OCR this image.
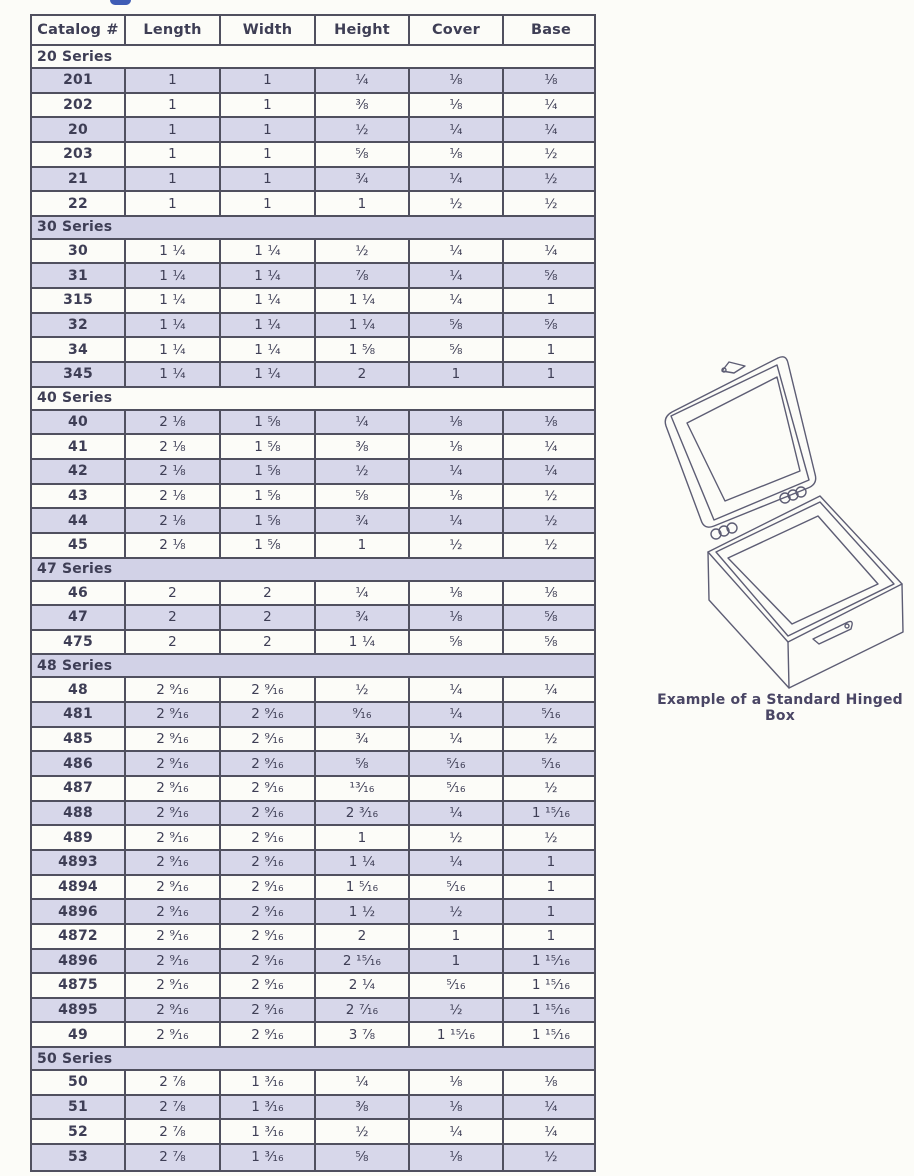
Catalog #	Length	Width	Height	Cover	Base
20 Series
201	1	1	¼	⅛	⅛
202	1	1	⅜	⅛	¼
20	1	1	½	¼	¼
203	1	1	⅝	⅛	½
21	1	1	¾	¼	½
22	1	1	1	½	½
30 Series
30	1 ¼	1 ¼	½	¼	¼
31	1 ¼	1 ¼	⅞	¼	⅝
315	1 ¼	1 ¼	1 ¼	¼	1
32	1 ¼	1 ¼	1 ¼	⅝	⅝
34	1 ¼	1 ¼	1 ⅝	⅝	1
345	1 ¼	1 ¼	2	1	1
40 Series
40	2 ⅛	1 ⅝	¼	⅛	⅛
41	2 ⅛	1 ⅝	⅜	⅛	¼
42	2 ⅛	1 ⅝	½	¼	¼
43	2 ⅛	1 ⅝	⅝	⅛	½
44	2 ⅛	1 ⅝	¾	¼	½
45	2 ⅛	1 ⅝	1	½	½
47 Series
46	2	2	¼	⅛	⅛
47	2	2	¾	⅛	⅝
475	2	2	1 ¼	⅝	⅝
48 Series
48	2 ⁹⁄₁₆	2 ⁹⁄₁₆	½	¼	¼
481	2 ⁹⁄₁₆	2 ⁹⁄₁₆	⁹⁄₁₆	¼	⁵⁄₁₆
485	2 ⁹⁄₁₆	2 ⁹⁄₁₆	¾	¼	½
486	2 ⁹⁄₁₆	2 ⁹⁄₁₆	⅝	⁵⁄₁₆	⁵⁄₁₆
487	2 ⁹⁄₁₆	2 ⁹⁄₁₆	¹³⁄₁₆	⁵⁄₁₆	½
488	2 ⁹⁄₁₆	2 ⁹⁄₁₆	2 ³⁄₁₆	¼	1 ¹⁵⁄₁₆
489	2 ⁹⁄₁₆	2 ⁹⁄₁₆	1	½	½
4893	2 ⁹⁄₁₆	2 ⁹⁄₁₆	1 ¼	¼	1
4894	2 ⁹⁄₁₆	2 ⁹⁄₁₆	1 ⁵⁄₁₆	⁵⁄₁₆	1
4896	2 ⁹⁄₁₆	2 ⁹⁄₁₆	1 ½	½	1
4872	2 ⁹⁄₁₆	2 ⁹⁄₁₆	2	1	1
4896	2 ⁹⁄₁₆	2 ⁹⁄₁₆	2 ¹⁵⁄₁₆	1	1 ¹⁵⁄₁₆
4875	2 ⁹⁄₁₆	2 ⁹⁄₁₆	2 ¼	⁵⁄₁₆	1 ¹⁵⁄₁₆
4895	2 ⁹⁄₁₆	2 ⁹⁄₁₆	2 ⁷⁄₁₆	½	1 ¹⁵⁄₁₆
49	2 ⁹⁄₁₆	2 ⁹⁄₁₆	3 ⅞	1 ¹⁵⁄₁₆	1 ¹⁵⁄₁₆
50 Series
50	2 ⅞	1 ³⁄₁₆	¼	⅛	⅛
51	2 ⅞	1 ³⁄₁₆	⅜	⅛	¼
52	2 ⅞	1 ³⁄₁₆	½	¼	¼
53	2 ⅞	1 ³⁄₁₆	⅝	⅛	½
Example of a Standard Hinged Box
